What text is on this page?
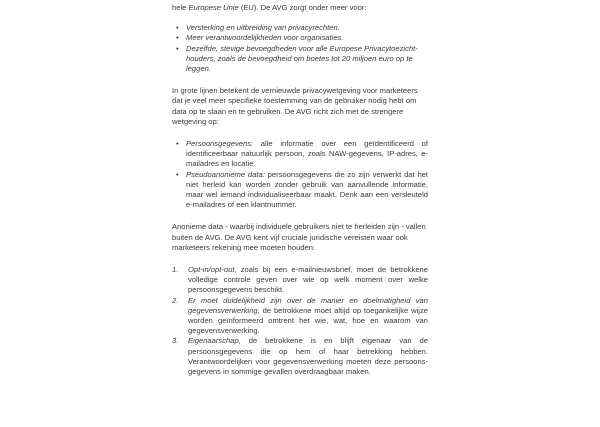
hele Europese Unie (EU). De AVG zorgt onder meer voor:

• Versterking en uitbreiding van privacyrechten.
• Meer verantwoordelijkheden voor organisaties.
• Dezelfde, stevige bevoegdheden voor alle Europese Privacytoezicht-houders, zoals de bevoegdheid om boetes tot 20 miljoen euro op te leggen.

In grote lijnen betekent de vernieuwde privacywetgeving voor marketeers dat je veel meer specifieke toestemming van de gebruiker nodig hebt om data op te slaan en te gebruiken. De AVG richt zich met de strengere wetgeving op:

• Persoonsgegevens: alle informatie over een geïdentificeerd of identificeerbaar natuurlijk persoon, zoals NAW-gegevens, IP-adres, e-mailadres en locatie.
• Pseudoanonieme data: persoonsgegevens die zo zijn verwerkt dat het niet herleid kan worden zonder gebruik van aanvullende informatie, maar wel iemand individualiseerbaar maakt. Denk aan een versleuteld e-mailadres of een klantnummer.

Anonieme data - waarbij individuele gebruikers niet te herleiden zijn - vallen buiten de AVG. De AVG kent vijf cruciale juridische vereisten waar ook marketeers rekening mee moeten houden:

1. Opt-in/opt-out, zoals bij een e-mailnieuwsbrief, moet de betrokkene volledige controle geven over wie op welk moment over welke persoonsgegevens beschikt.
2. Er moet duidelijkheid zijn over de manier en doelmatigheid van gegevensverwerking, de betrokkene moet altijd op toegankelijke wijze worden geïnformeerd omtrent het wie, wat, hoe en waarom van gegevensverwerking.
3. Eigenaarschap, de betrokkene is en blijft eigenaar van de persoonsgegevens die op hem of haar betrekking hebben. Verantwoordelijken voor gegevensverwerking moeten deze persoons-gegevens in sommige gevallen overdraagbaar maken.
